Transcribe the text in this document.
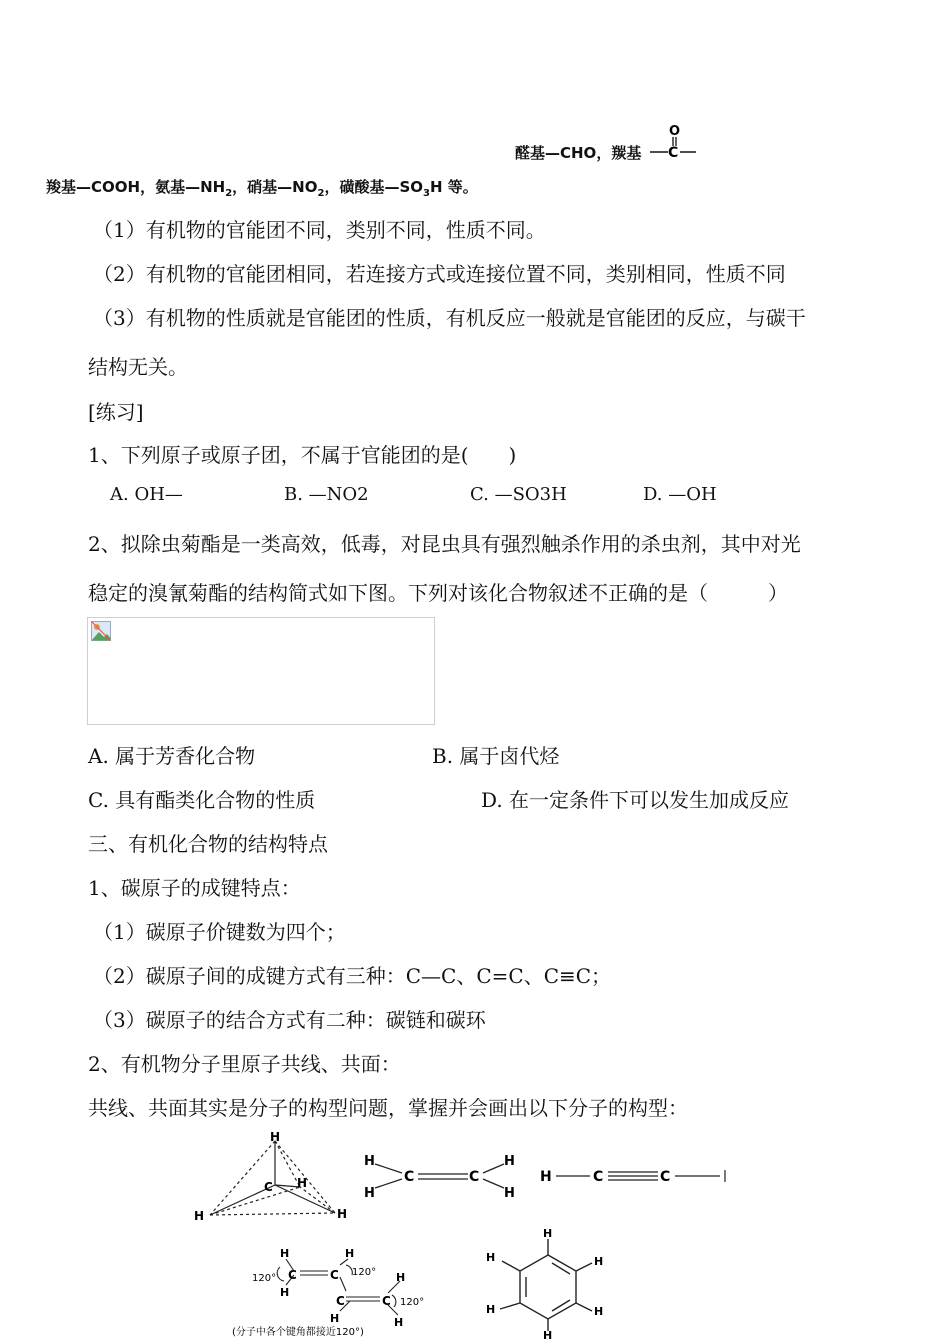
醛基—CHO，羰基
O
C
羧基—COOH，氨基$—NH_2$，硝基$—NO_2$，磺酸基$—SO_3H$ 等。
（1）有机物的官能团不同，类别不同，性质不同。
（2）有机物的官能团相同，若连接方式或连接位置不同，类别相同，性质不同
（3）有机物的性质就是官能团的性质，有机反应一般就是官能团的反应，与碳干
结构无关。
[练习]
1、下列原子或原子团，不属于官能团的是(　　)
A. OH—	B. —NO2	C. —SO3H	D. —OH
2、拟除虫菊酯是一类高效，低毒，对昆虫具有强烈触杀作用的杀虫剂，其中对光
稳定的溴氰菊酯的结构简式如下图。下列对该化合物叙述不正确的是（　　　）
A. 属于芳香化合物	B. 属于卤代烃
C. 具有酯类化合物的性质	D. 在一定条件下可以发生加成反应
三、有机化合物的结构特点
1、碳原子的成键特点：
（1）碳原子价键数为四个；
（2）碳原子间的成键方式有三种：C—C、C=C、C≡C；
（3）碳原子的结合方式有二种：碳链和碳环
2、有机物分子里原子共线、共面：
共线、共面其实是分子的构型问题，掌握并会画出以下分子的构型：
H
C
H	H
H
H
H
C	C
H
H
H	C	C
H
H
C	C
H
C	C
H
H
H
120°
120°
120°
(分子中各个键角都接近120°)
H
H
H
H
H
H
